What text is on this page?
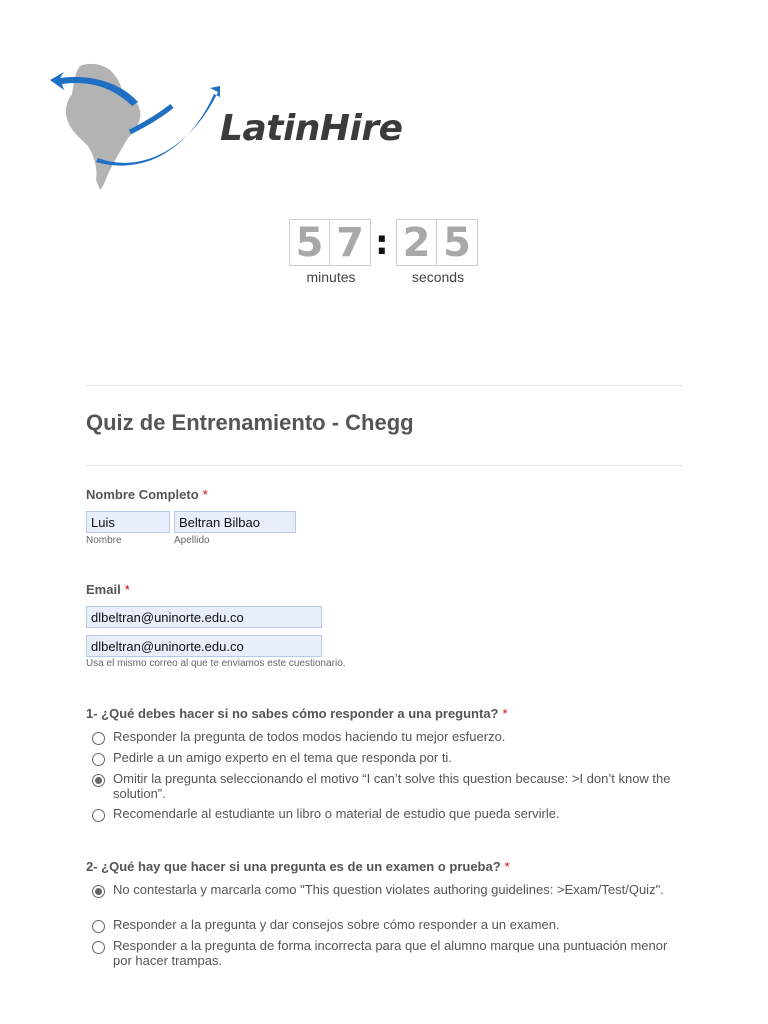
LatinHire
5 7 : 2 5
minutes	seconds
Quiz de Entrenamiento - Chegg
Nombre Completo *
Luis
Nombre
Beltran Bilbao	Apellido
Email *
dlbeltran@uninorte.edu.co
dlbeltran@uninorte.edu.co
Usa el mismo correo al que te enviamos este cuestionario.
1- ¿Qué debes hacer si no sabes cómo responder a una pregunta? *
Responder la pregunta de todos modos haciendo tu mejor esfuerzo.
Pedirle a un amigo experto en el tema que responda por ti.
Omitir la pregunta seleccionando el motivo “I can’t solve this question because: >I don’t know the solution”.
Recomendarle al estudiante un libro o material de estudio que pueda servirle.
2- ¿Qué hay que hacer si una pregunta es de un examen o prueba? *
No contestarla y marcarla como "This question violates authoring guidelines: >Exam/Test/Quiz".
Responder a la pregunta y dar consejos sobre cómo responder a un examen.
Responder a la pregunta de forma incorrecta para que el alumno marque una puntuación menor por hacer trampas.
